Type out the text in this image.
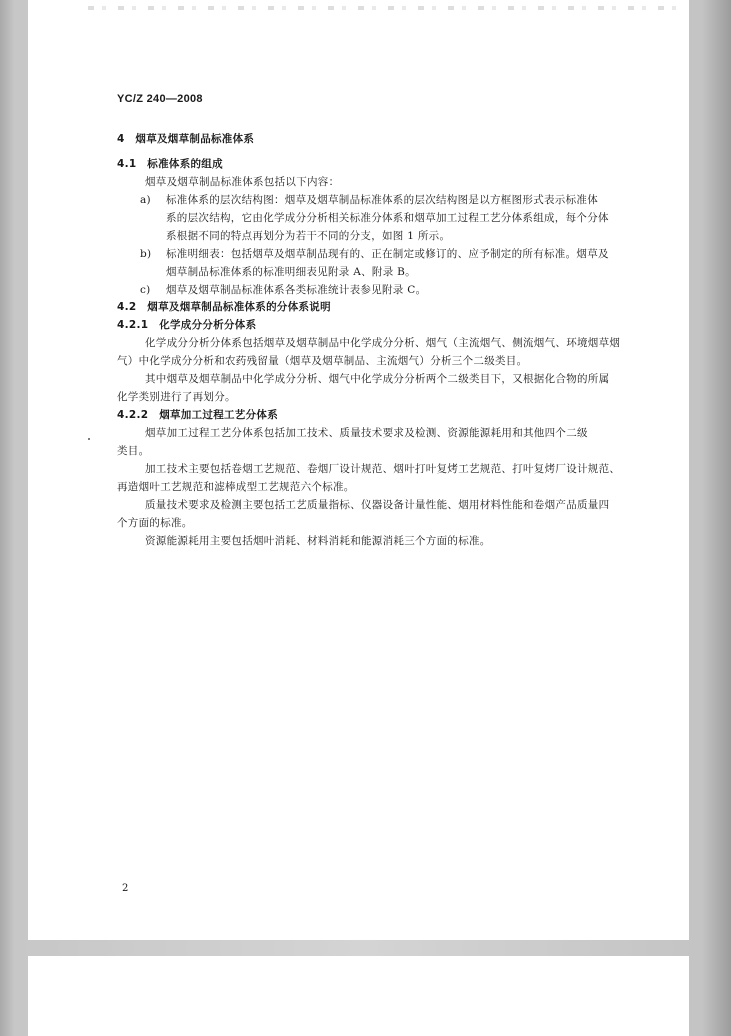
YC/Z 240—2008
4　烟草及烟草制品标准体系
4.1　标准体系的组成
烟草及烟草制品标准体系包括以下内容：
a) 标准体系的层次结构图：烟草及烟草制品标准体系的层次结构图是以方框图形式表示标准体
系的层次结构，它由化学成分分析相关标准分体系和烟草加工过程工艺分体系组成，每个分体
系根据不同的特点再划分为若干不同的分支，如图 1 所示。
b) 标准明细表：包括烟草及烟草制品现有的、正在制定或修订的、应予制定的所有标准。烟草及
烟草制品标准体系的标准明细表见附录 A、附录 B。
c) 烟草及烟草制品标准体系各类标准统计表参见附录 C。
4.2　烟草及烟草制品标准体系的分体系说明
4.2.1　化学成分分析分体系
化学成分分析分体系包括烟草及烟草制品中化学成分分析、烟气（主流烟气、侧流烟气、环境烟草烟
气）中化学成分分析和农药残留量（烟草及烟草制品、主流烟气）分析三个二级类目。
其中烟草及烟草制品中化学成分分析、烟气中化学成分分析两个二级类目下，又根据化合物的所属
化学类别进行了再划分。
4.2.2　烟草加工过程工艺分体系
烟草加工过程工艺分体系包括加工技术、质量技术要求及检测、资源能源耗用和其他四个二级
类目。
加工技术主要包括卷烟工艺规范、卷烟厂设计规范、烟叶打叶复烤工艺规范、打叶复烤厂设计规范、
再造烟叶工艺规范和滤棒成型工艺规范六个标准。
质量技术要求及检测主要包括工艺质量指标、仪器设备计量性能、烟用材料性能和卷烟产品质量四
个方面的标准。
资源能源耗用主要包括烟叶消耗、材料消耗和能源消耗三个方面的标准。
2
